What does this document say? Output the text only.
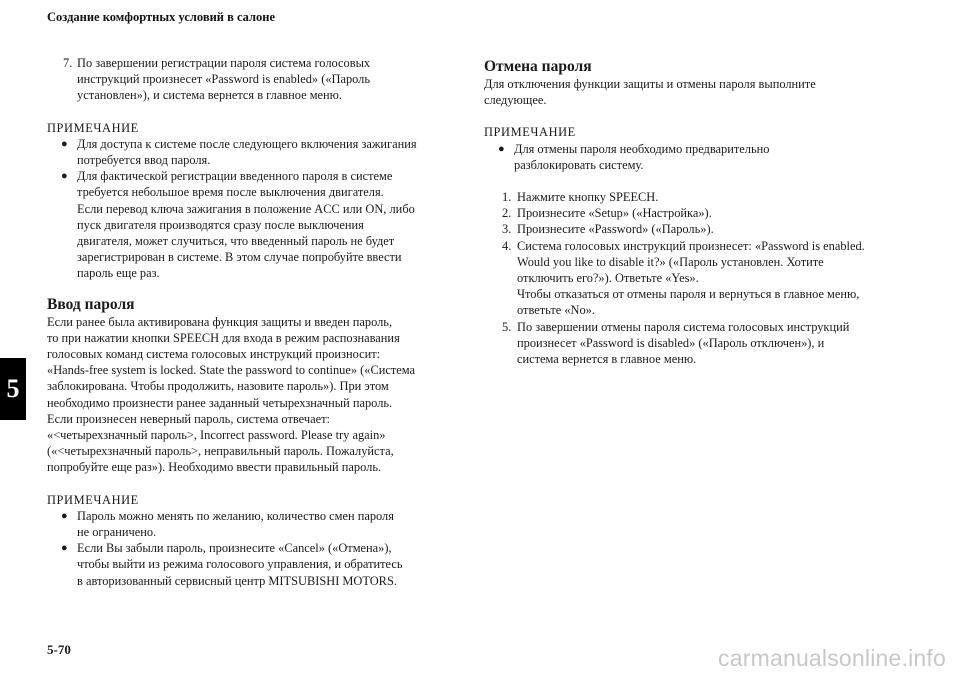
Создание комфортных условий в салоне
5
7. По завершении регистрации пароля система голосовых
инструкций произнесет «Password is enabled» («Пароль
установлен»), и система вернется в главное меню.
ПРИМЕЧАНИЕ
● Для доступа к системе после следующего включения зажигания
потребуется ввод пароля.
● Для фактической регистрации введенного пароля в системе
требуется небольшое время после выключения двигателя.
Если перевод ключа зажигания в положение ACC или ON, либо
пуск двигателя производятся сразу после выключения
двигателя, может случиться, что введенный пароль не будет
зарегистрирован в системе. В этом случае попробуйте ввести
пароль еще раз.
Ввод пароля
Если ранее была активирована функция защиты и введен пароль,
то при нажатии кнопки SPEECH для входа в режим распознавания
голосовых команд система голосовых инструкций произносит:
«Hands-free system is locked. State the password to continue» («Система
заблокирована. Чтобы продолжить, назовите пароль»). При этом
необходимо произнести ранее заданный четырехзначный пароль.
Если произнесен неверный пароль, система отвечает:
«<четырехзначный пароль>, Incorrect password. Please try again»
(«<четырехзначный пароль>, неправильный пароль. Пожалуйста,
попробуйте еще раз»). Необходимо ввести правильный пароль.
ПРИМЕЧАНИЕ
● Пароль можно менять по желанию, количество смен пароля
не ограничено.
● Если Вы забыли пароль, произнесите «Cancel» («Отмена»),
чтобы выйти из режима голосового управления, и обратитесь
в авторизованный сервисный центр MITSUBISHI MOTORS.
Отмена пароля
Для отключения функции защиты и отмены пароля выполните
следующее.
ПРИМЕЧАНИЕ
● Для отмены пароля необходимо предварительно
разблокировать систему.
1. Нажмите кнопку SPEECH.
2. Произнесите «Setup» («Настройка»).
3. Произнесите «Password» («Пароль»).
4. Система голосовых инструкций произнесет: «Password is enabled.
Would you like to disable it?» («Пароль установлен. Хотите
отключить его?»). Ответьте «Yes».
Чтобы отказаться от отмены пароля и вернуться в главное меню,
ответьте «No».
5. По завершении отмены пароля система голосовых инструкций
произнесет «Password is disabled» («Пароль отключен»), и
система вернется в главное меню.
5-70	carmanualsonline.info
